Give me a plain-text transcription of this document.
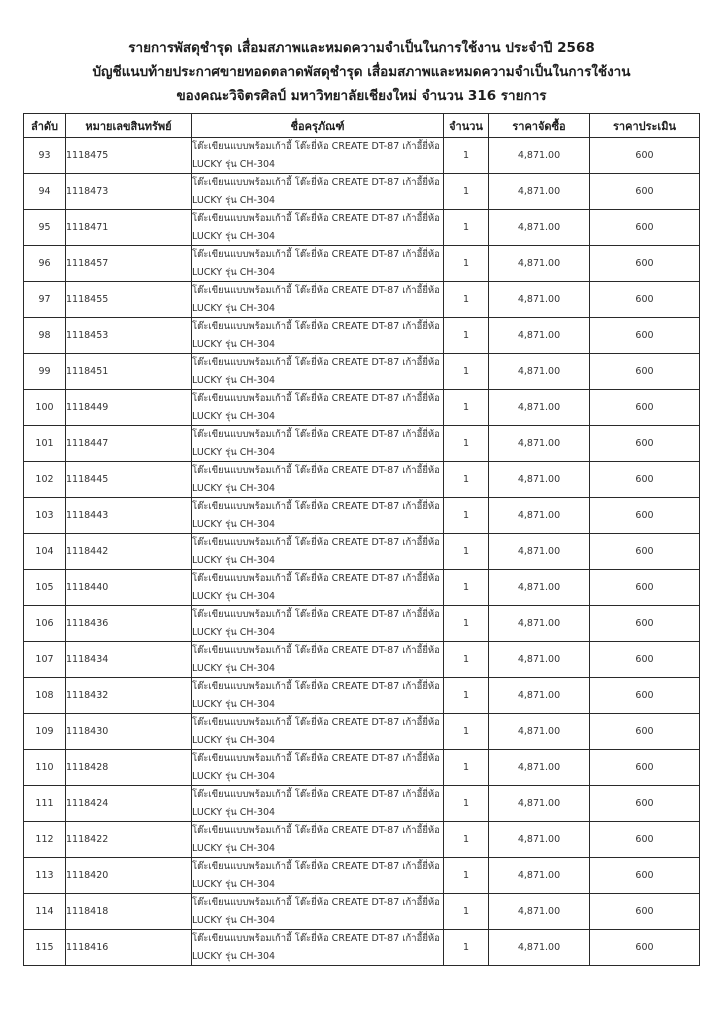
รายการพัสดุชำรุด เสื่อมสภาพและหมดความจำเป็นในการใช้งาน ประจำปี 2568
บัญชีแนบท้ายประกาศขายทอดตลาดพัสดุชำรุด เสื่อมสภาพและหมดความจำเป็นในการใช้งาน
ของคณะวิจิตรศิลป์ มหาวิทยาลัยเชียงใหม่ จำนวน 316 รายการ
ลำดับ	หมายเลขสินทรัพย์	ชื่อครุภัณฑ์	จำนวน	ราคาจัดซื้อ	ราคาประเมิน
93	1118475	โต๊ะเขียนแบบพร้อมเก้าอี้ โต๊ะยี่ห้อ CREATE DT-87 เก้าอี้ยี่ห้อ
LUCKY รุ่น CH-304	1	4,871.00	600
94	1118473	โต๊ะเขียนแบบพร้อมเก้าอี้ โต๊ะยี่ห้อ CREATE DT-87 เก้าอี้ยี่ห้อ
LUCKY รุ่น CH-304	1	4,871.00	600
95	1118471	โต๊ะเขียนแบบพร้อมเก้าอี้ โต๊ะยี่ห้อ CREATE DT-87 เก้าอี้ยี่ห้อ
LUCKY รุ่น CH-304	1	4,871.00	600
96	1118457	โต๊ะเขียนแบบพร้อมเก้าอี้ โต๊ะยี่ห้อ CREATE DT-87 เก้าอี้ยี่ห้อ
LUCKY รุ่น CH-304	1	4,871.00	600
97	1118455	โต๊ะเขียนแบบพร้อมเก้าอี้ โต๊ะยี่ห้อ CREATE DT-87 เก้าอี้ยี่ห้อ
LUCKY รุ่น CH-304	1	4,871.00	600
98	1118453	โต๊ะเขียนแบบพร้อมเก้าอี้ โต๊ะยี่ห้อ CREATE DT-87 เก้าอี้ยี่ห้อ
LUCKY รุ่น CH-304	1	4,871.00	600
99	1118451	โต๊ะเขียนแบบพร้อมเก้าอี้ โต๊ะยี่ห้อ CREATE DT-87 เก้าอี้ยี่ห้อ
LUCKY รุ่น CH-304	1	4,871.00	600
100	1118449	โต๊ะเขียนแบบพร้อมเก้าอี้ โต๊ะยี่ห้อ CREATE DT-87 เก้าอี้ยี่ห้อ
LUCKY รุ่น CH-304	1	4,871.00	600
101	1118447	โต๊ะเขียนแบบพร้อมเก้าอี้ โต๊ะยี่ห้อ CREATE DT-87 เก้าอี้ยี่ห้อ
LUCKY รุ่น CH-304	1	4,871.00	600
102	1118445	โต๊ะเขียนแบบพร้อมเก้าอี้ โต๊ะยี่ห้อ CREATE DT-87 เก้าอี้ยี่ห้อ
LUCKY รุ่น CH-304	1	4,871.00	600
103	1118443	โต๊ะเขียนแบบพร้อมเก้าอี้ โต๊ะยี่ห้อ CREATE DT-87 เก้าอี้ยี่ห้อ
LUCKY รุ่น CH-304	1	4,871.00	600
104	1118442	โต๊ะเขียนแบบพร้อมเก้าอี้ โต๊ะยี่ห้อ CREATE DT-87 เก้าอี้ยี่ห้อ
LUCKY รุ่น CH-304	1	4,871.00	600
105	1118440	โต๊ะเขียนแบบพร้อมเก้าอี้ โต๊ะยี่ห้อ CREATE DT-87 เก้าอี้ยี่ห้อ
LUCKY รุ่น CH-304	1	4,871.00	600
106	1118436	โต๊ะเขียนแบบพร้อมเก้าอี้ โต๊ะยี่ห้อ CREATE DT-87 เก้าอี้ยี่ห้อ
LUCKY รุ่น CH-304	1	4,871.00	600
107	1118434	โต๊ะเขียนแบบพร้อมเก้าอี้ โต๊ะยี่ห้อ CREATE DT-87 เก้าอี้ยี่ห้อ
LUCKY รุ่น CH-304	1	4,871.00	600
108	1118432	โต๊ะเขียนแบบพร้อมเก้าอี้ โต๊ะยี่ห้อ CREATE DT-87 เก้าอี้ยี่ห้อ
LUCKY รุ่น CH-304	1	4,871.00	600
109	1118430	โต๊ะเขียนแบบพร้อมเก้าอี้ โต๊ะยี่ห้อ CREATE DT-87 เก้าอี้ยี่ห้อ
LUCKY รุ่น CH-304	1	4,871.00	600
110	1118428	โต๊ะเขียนแบบพร้อมเก้าอี้ โต๊ะยี่ห้อ CREATE DT-87 เก้าอี้ยี่ห้อ
LUCKY รุ่น CH-304	1	4,871.00	600
111	1118424	โต๊ะเขียนแบบพร้อมเก้าอี้ โต๊ะยี่ห้อ CREATE DT-87 เก้าอี้ยี่ห้อ
LUCKY รุ่น CH-304	1	4,871.00	600
112	1118422	โต๊ะเขียนแบบพร้อมเก้าอี้ โต๊ะยี่ห้อ CREATE DT-87 เก้าอี้ยี่ห้อ
LUCKY รุ่น CH-304	1	4,871.00	600
113	1118420	โต๊ะเขียนแบบพร้อมเก้าอี้ โต๊ะยี่ห้อ CREATE DT-87 เก้าอี้ยี่ห้อ
LUCKY รุ่น CH-304	1	4,871.00	600
114	1118418	โต๊ะเขียนแบบพร้อมเก้าอี้ โต๊ะยี่ห้อ CREATE DT-87 เก้าอี้ยี่ห้อ
LUCKY รุ่น CH-304	1	4,871.00	600
115	1118416	โต๊ะเขียนแบบพร้อมเก้าอี้ โต๊ะยี่ห้อ CREATE DT-87 เก้าอี้ยี่ห้อ
LUCKY รุ่น CH-304	1	4,871.00	600
